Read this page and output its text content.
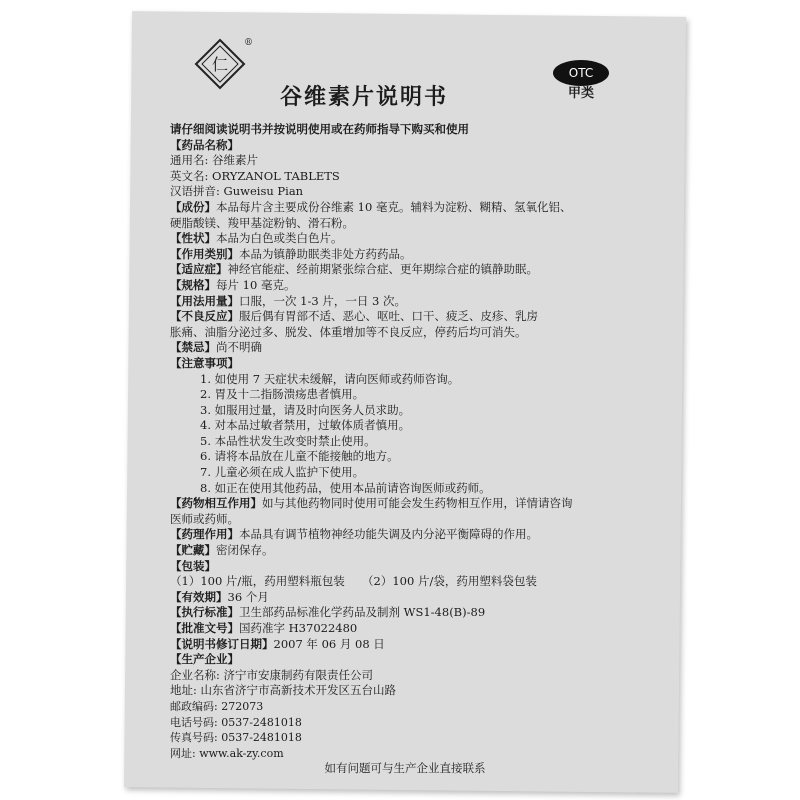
仁
®
谷维素片说明书
OTC
甲类
请仔细阅读说明书并按说明使用或在药师指导下购买和使用
【药品名称】
通用名: 谷维素片
英文名: ORYZANOL TABLETS
汉语拼音: Guweisu Pian
【成份】本品每片含主要成份谷维素 10 毫克。辅料为淀粉、糊精、氢氧化铝、
硬脂酸镁、羧甲基淀粉钠、滑石粉。
【性状】本品为白色或类白色片。
【作用类别】本品为镇静助眠类非处方药药品。
【适应症】神经官能症、经前期紧张综合症、更年期综合症的镇静助眠。
【规格】每片 10 毫克。
【用法用量】口服，一次 1-3 片，一日 3 次。
【不良反应】服后偶有胃部不适、恶心、呕吐、口干、疲乏、皮疹、乳房
胀痛、油脂分泌过多、脱发、体重增加等不良反应，停药后均可消失。
【禁忌】尚不明确
【注意事项】
1. 如使用 7 天症状未缓解，请向医师或药师咨询。
2. 胃及十二指肠溃疡患者慎用。
3. 如服用过量，请及时向医务人员求助。
4. 对本品过敏者禁用，过敏体质者慎用。
5. 本品性状发生改变时禁止使用。
6. 请将本品放在儿童不能接触的地方。
7. 儿童必须在成人监护下使用。
8. 如正在使用其他药品，使用本品前请咨询医师或药师。
【药物相互作用】如与其他药物同时使用可能会发生药物相互作用，详情请咨询
医师或药师。
【药理作用】本品具有调节植物神经功能失调及内分泌平衡障碍的作用。
【贮藏】密闭保存。
【包装】
（1）100 片/瓶，药用塑料瓶包装　　（2）100 片/袋，药用塑料袋包装
【有效期】36 个月
【执行标准】卫生部药品标准化学药品及制剂 WS1-48(B)-89
【批准文号】国药准字 H37022480
【说明书修订日期】2007 年 06 月 08 日
【生产企业】
企业名称: 济宁市安康制药有限责任公司
地址: 山东省济宁市高新技术开发区五台山路
邮政编码: 272073
电话号码: 0537-2481018
传真号码: 0537-2481018
网址: www.ak-zy.com
如有问题可与生产企业直接联系
